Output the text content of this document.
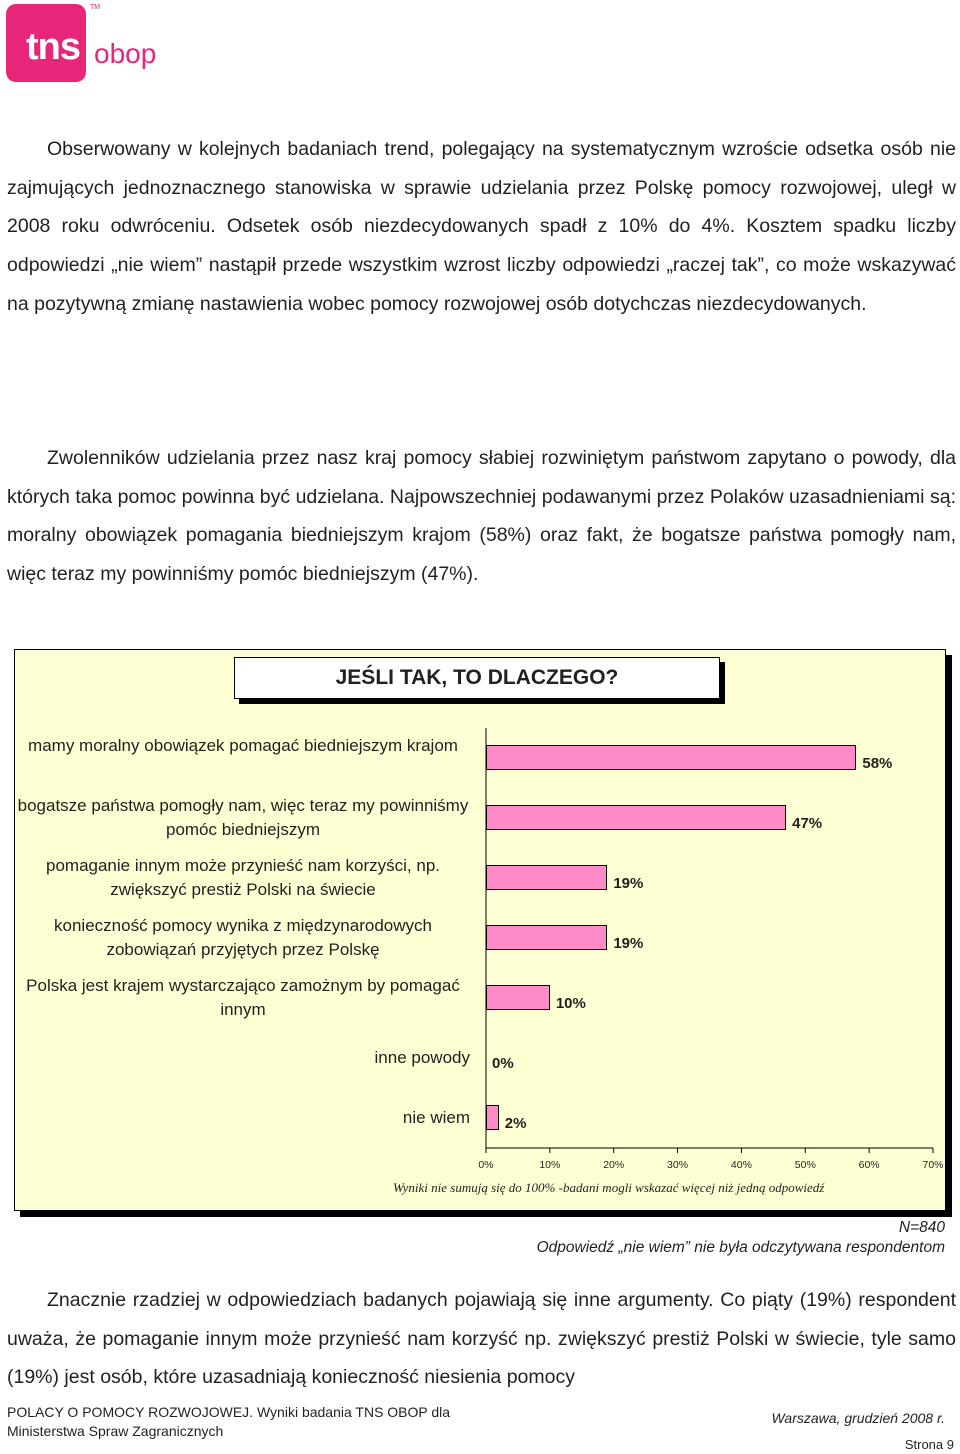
tns
TM
obop

Obserwowany w kolejnych badaniach trend, polegający na systematycznym wzroście odsetka osób nie zajmujących jednoznacznego stanowiska w sprawie udzielania przez Polskę pomocy rozwojowej, uległ w 2008 roku odwróceniu. Odsetek osób niezdecydowanych spadł z 10% do 4%. Kosztem spadku liczby odpowiedzi „nie wiem” nastąpił przede wszystkim wzrost liczby odpowiedzi „raczej tak”, co może wskazywać na pozytywną zmianę nastawienia wobec pomocy rozwojowej osób dotychczas niezdecydowanych.

Zwolenników udzielania przez nasz kraj pomocy słabiej rozwiniętym państwom zapytano o powody, dla których taka pomoc powinna być udzielana. Najpowszechniej podawanymi przez Polaków uzasadnieniami są: moralny obowiązek pomagania biedniejszym krajom (58%) oraz fakt, że bogatsze państwa pomogły nam, więc teraz my powinniśmy pomóc biedniejszym (47%).

JEŚLI TAK, TO DLACZEGO?
mamy moralny obowiązek pomagać biedniejszym krajom
58%
bogatsze państwa pomogły nam, więc teraz my powinniśmy pomóc biedniejszym	47%
pomaganie innym może przynieść nam korzyści, np. zwiększyć prestiż Polski na świecie	19%
konieczność pomocy wynika z międzynarodowych zobowiązań przyjętych przez Polskę	19%
Polska jest krajem wystarczająco zamożnym by pomagać innym	10%
inne powody 0%
nie wiem 2%
0%	10%	20%	30%	40%	50%	60%	70%
Wyniki nie sumują się do 100% -badani mogli wskazać więcej niż jedną odpowiedź
N=840
Odpowiedź „nie wiem” nie była odczytywana respondentom

Znacznie rzadziej w odpowiedziach badanych pojawiają się inne argumenty. Co piąty (19%) respondent uważa, że pomaganie innym może przynieść nam korzyść np. zwiększyć prestiż Polski w świecie, tyle samo (19%) jest osób, które uzasadniają konieczność niesienia pomocy

POLACY O POMOCY ROZWOJOWEJ. Wyniki badania TNS OBOP dla
Ministerstwa Spraw Zagranicznych
Warszawa, grudzień 2008 r.
Strona 9
